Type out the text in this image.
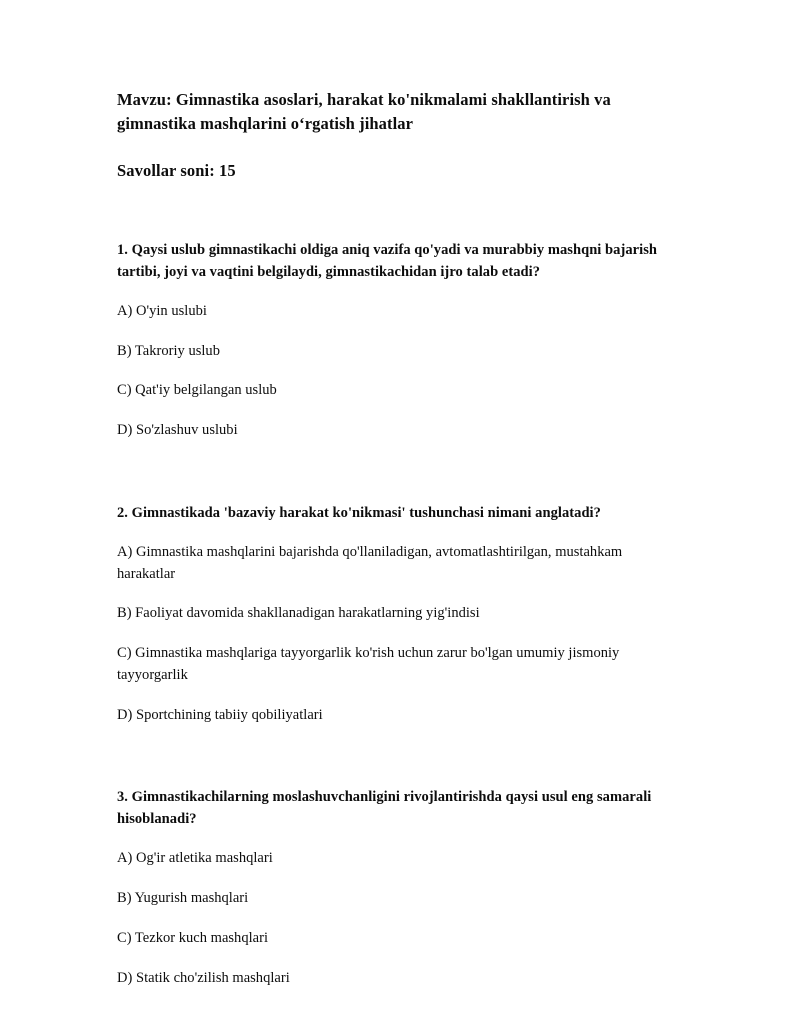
Mavzu: Gimnastika asoslari, harakat ko'nikmalami shakllantirish va gimnastika mashqlarini oʻrgatish jihatlar

Savollar soni: 15

1. Qaysi uslub gimnastikachi oldiga aniq vazifa qo'yadi va murabbiy mashqni bajarish tartibi, joyi va vaqtini belgilaydi, gimnastikachidan ijro talab etadi?

A) O'yin uslubi

B) Takroriy uslub

C) Qat'iy belgilangan uslub

D) So'zlashuv uslubi

2. Gimnastikada 'bazaviy harakat ko'nikmasi' tushunchasi nimani anglatadi?

A) Gimnastika mashqlarini bajarishda qo'llaniladigan, avtomatlashtirilgan, mustahkam harakatlar

B) Faoliyat davomida shakllanadigan harakatlarning yig'indisi

C) Gimnastika mashqlariga tayyorgarlik ko'rish uchun zarur bo'lgan umumiy jismoniy tayyorgarlik

D) Sportchining tabiiy qobiliyatlari

3. Gimnastikachilarning moslashuvchanligini rivojlantirishda qaysi usul eng samarali hisoblanadi?

A) Og'ir atletika mashqlari

B) Yugurish mashqlari

C) Tezkor kuch mashqlari

D) Statik cho'zilish mashqlari
